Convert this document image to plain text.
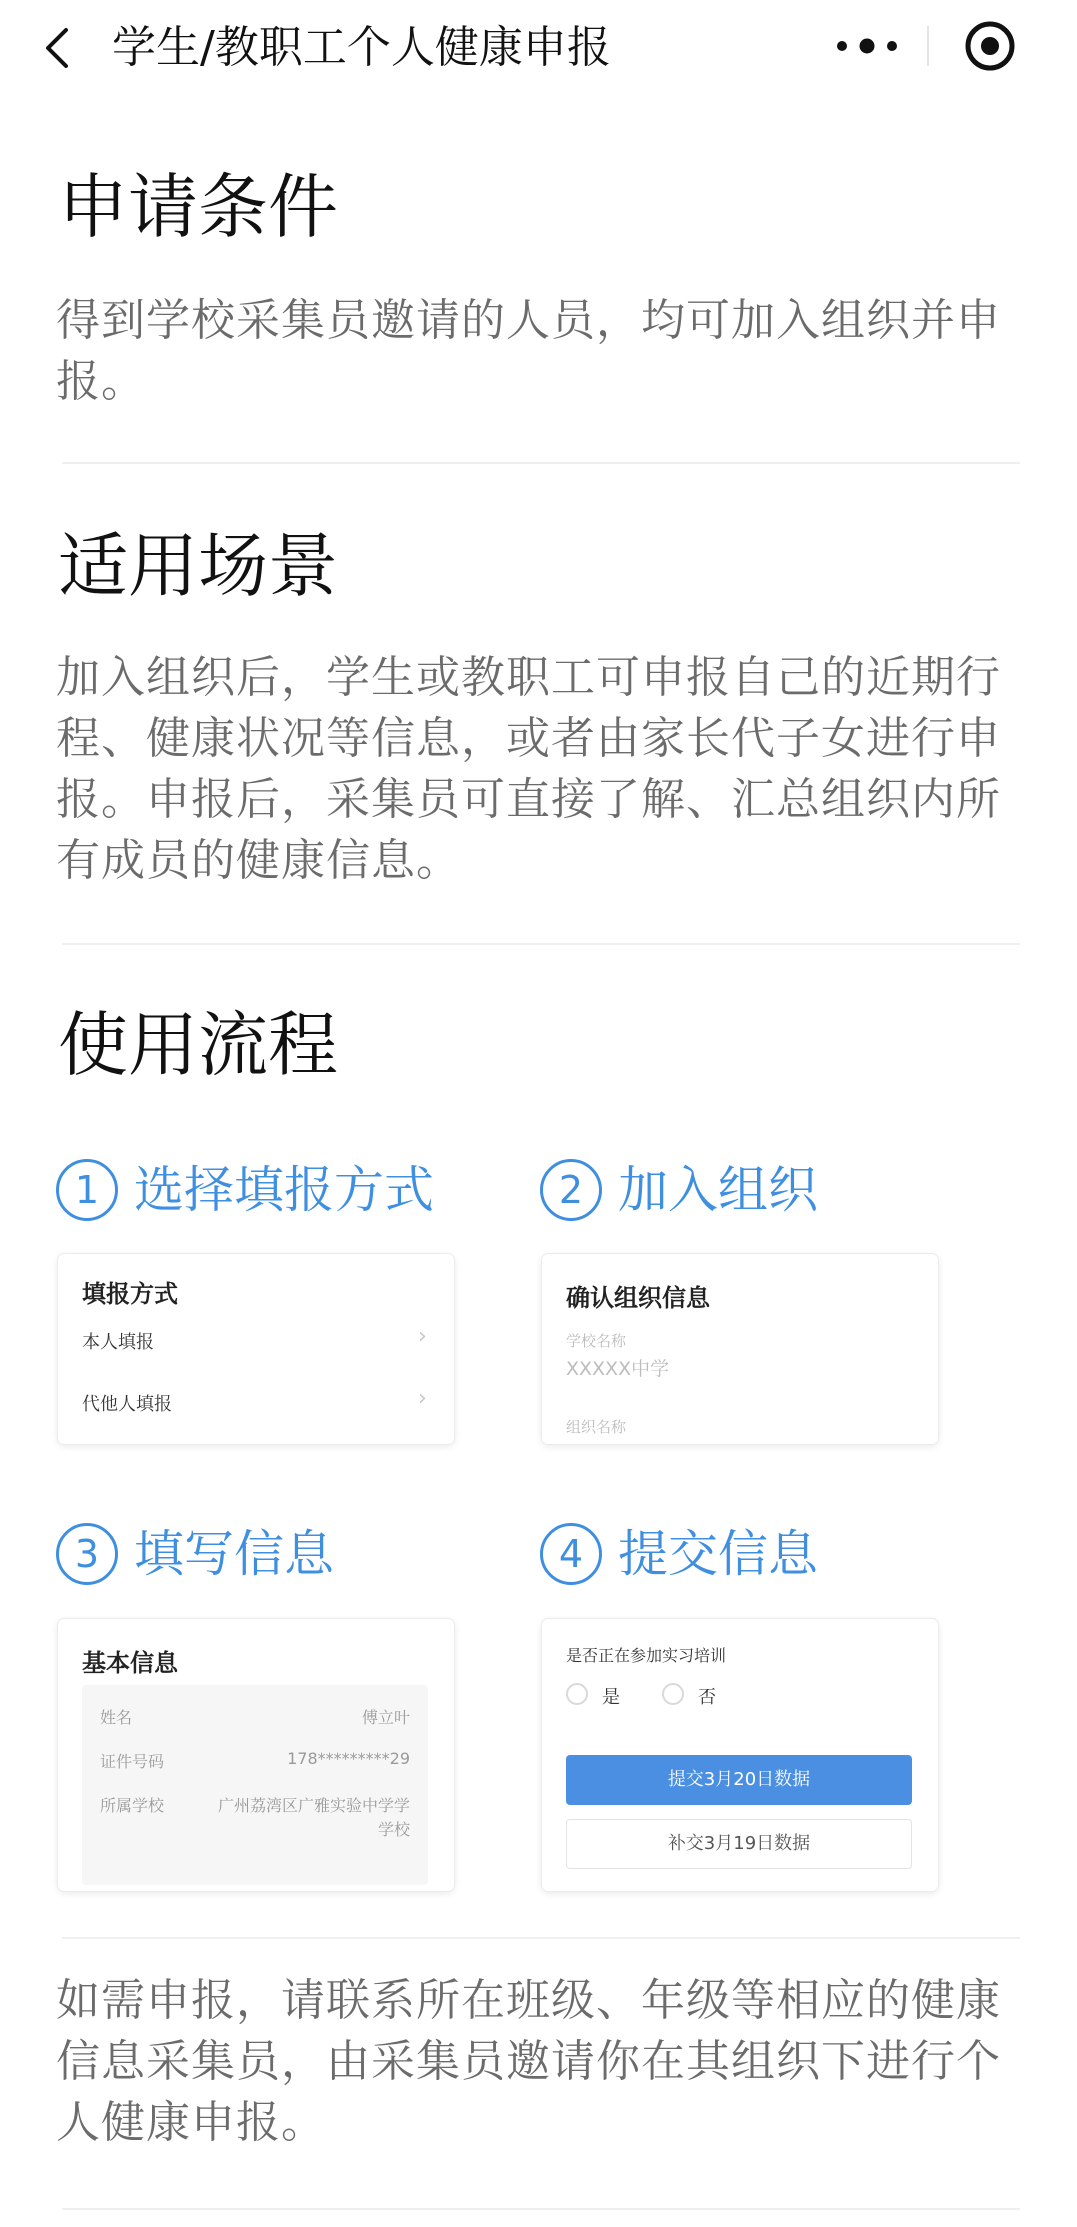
学生/教职工个人健康申报
申请条件
得到学校采集员邀请的人员，均可加入组织并申报。
适用场景
加入组织后，学生或教职工可申报自己的近期行程、健康状况等信息，或者由家长代子女进行申报。申报后，采集员可直接了解、汇总组织内所有成员的健康信息。
使用流程
1 选择填报方式
填报方式
本人填报	›
代他人填报	›
2 加入组织
确认组织信息
学校名称
XXXXX中学
组织名称
3 填写信息
基本信息
姓名	傅立叶
证件号码	178*********29
所属学校	广州荔湾区广雅实验中学学
学校
4 提交信息
是否正在参加实习培训
是	否
提交3月20日数据
补交3月19日数据
如需申报，请联系所在班级、年级等相应的健康信息采集员，由采集员邀请你在其组织下进行个人健康申报。
